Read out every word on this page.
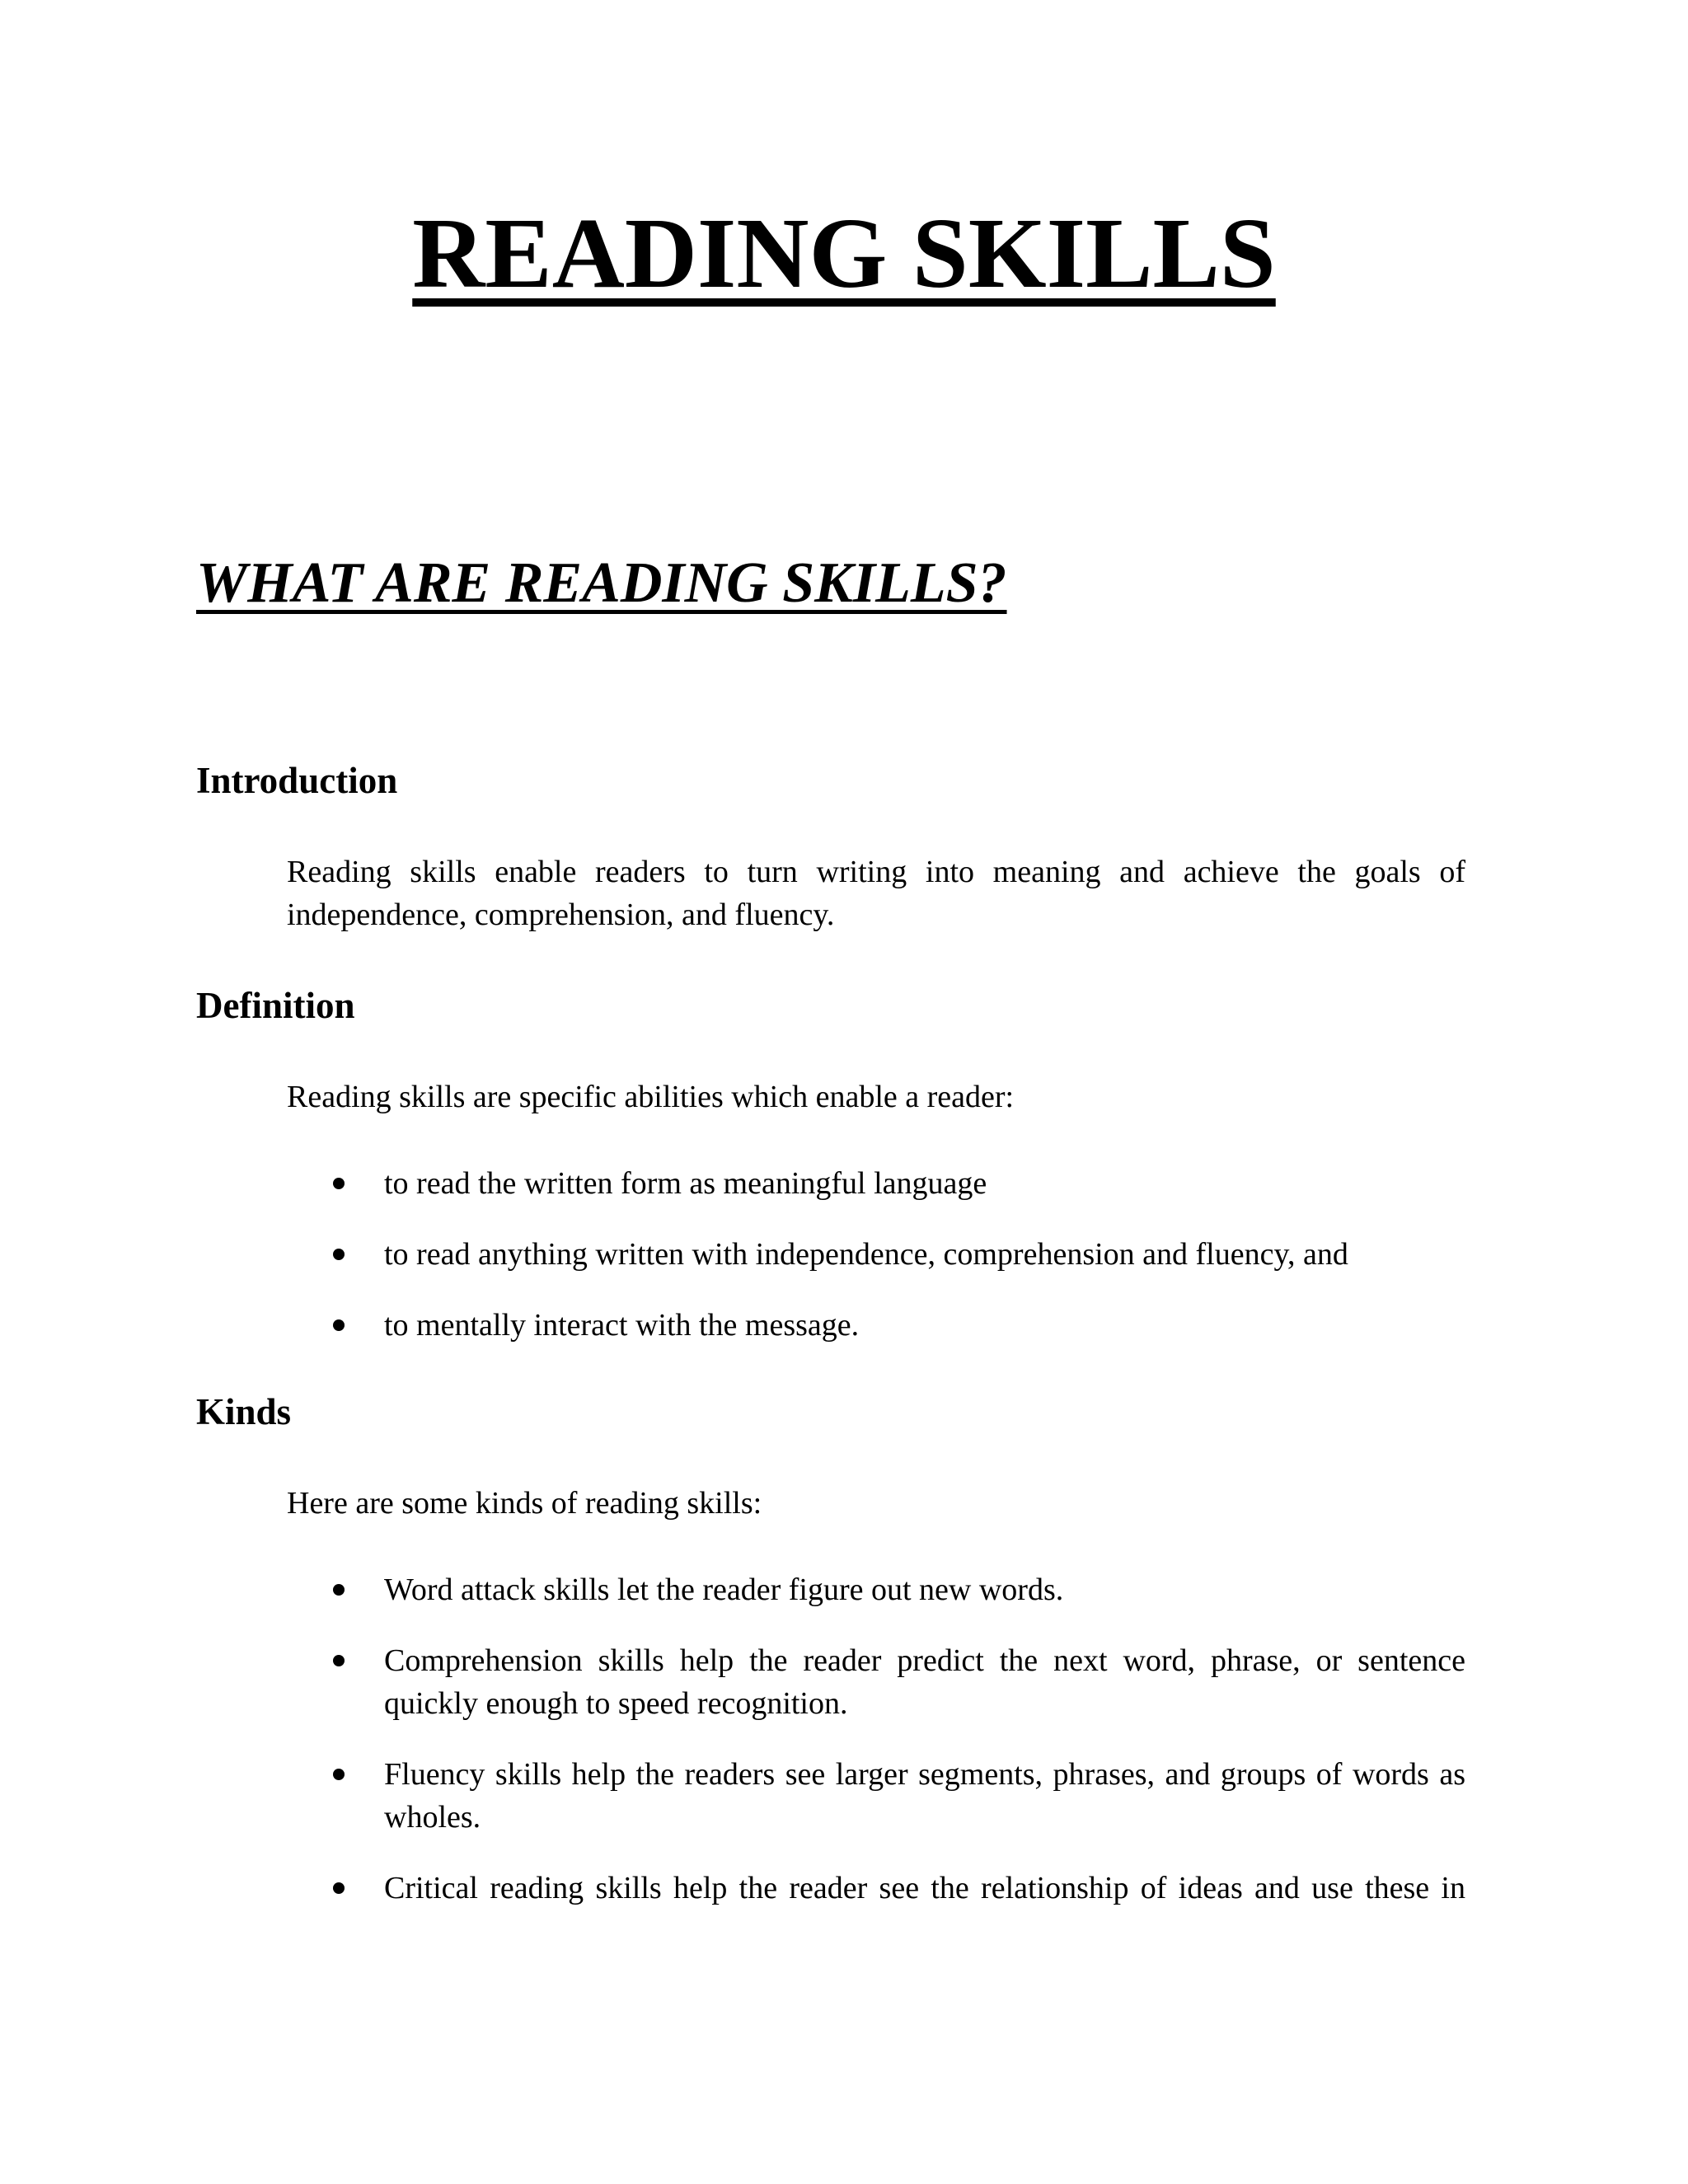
READING SKILLS
WHAT ARE READING SKILLS?
Introduction

Reading skills enable readers to turn writing into meaning and achieve the goals of independence, comprehension, and fluency.

Definition

Reading skills are specific abilities which enable a reader:

to read the written form as meaningful language
to read anything written with independence, comprehension and fluency, and
to mentally interact with the message.
Kinds

Here are some kinds of reading skills:

Word attack skills let the reader figure out new words.
Comprehension skills help the reader predict the next word, phrase, or sentence quickly enough to speed recognition.
Fluency skills help the readers see larger segments, phrases, and groups of words as wholes.
Critical reading skills help the reader see the relationship of ideas and use these in
